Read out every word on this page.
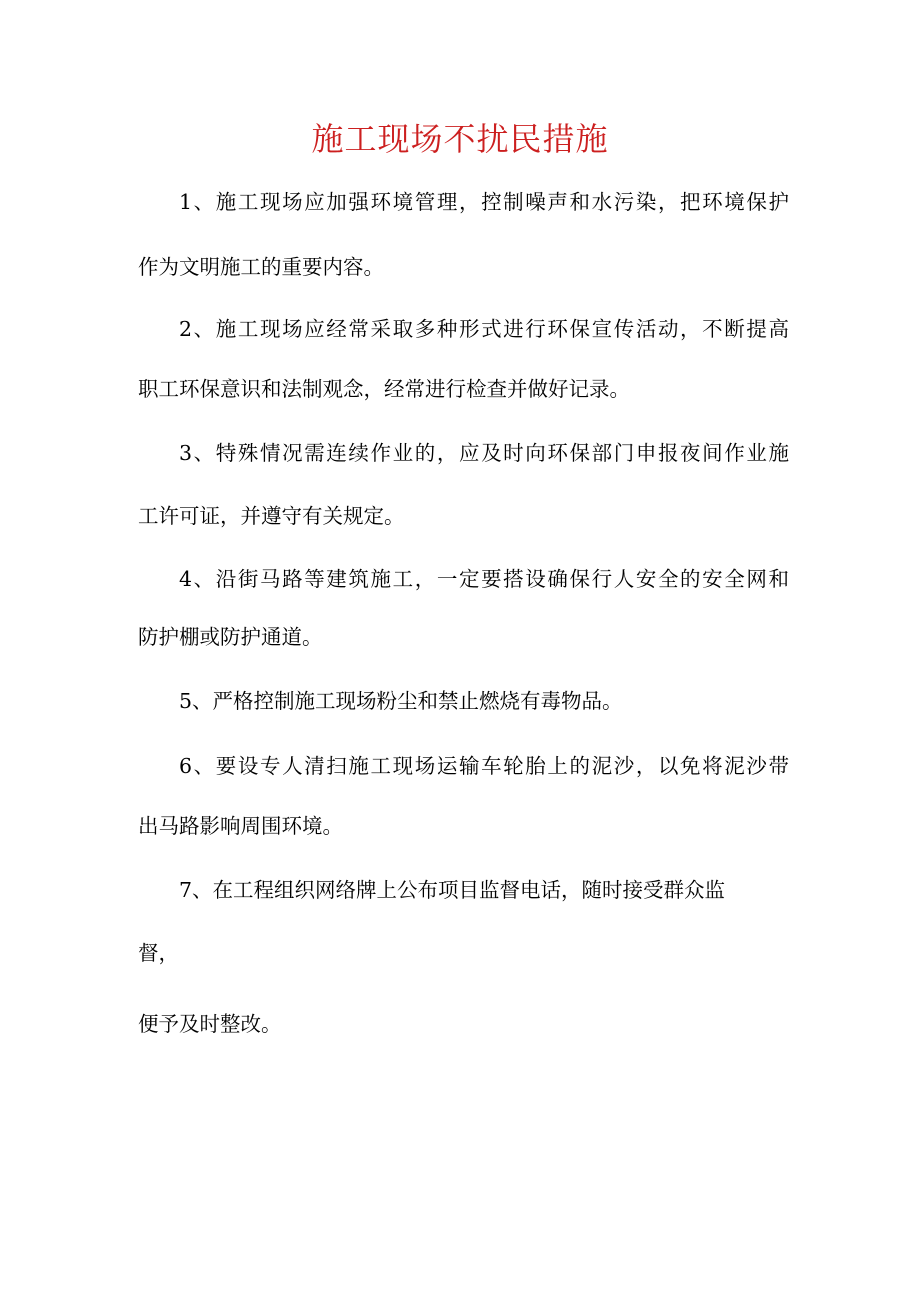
施工现场不扰民措施

1、施工现场应加强环境管理，控制噪声和水污染，把环境保护

作为文明施工的重要内容。

2、施工现场应经常采取多种形式进行环保宣传活动，不断提高

职工环保意识和法制观念，经常进行检查并做好记录。

3、特殊情况需连续作业的，应及时向环保部门申报夜间作业施

工许可证，并遵守有关规定。

4、沿街马路等建筑施工，一定要搭设确保行人安全的安全网和

防护棚或防护通道。

5、严格控制施工现场粉尘和禁止燃烧有毒物品。

6、要设专人清扫施工现场运输车轮胎上的泥沙，以免将泥沙带

出马路影响周围环境。

7、在工程组织网络牌上公布项目监督电话，随时接受群众监

督，

便予及时整改。
